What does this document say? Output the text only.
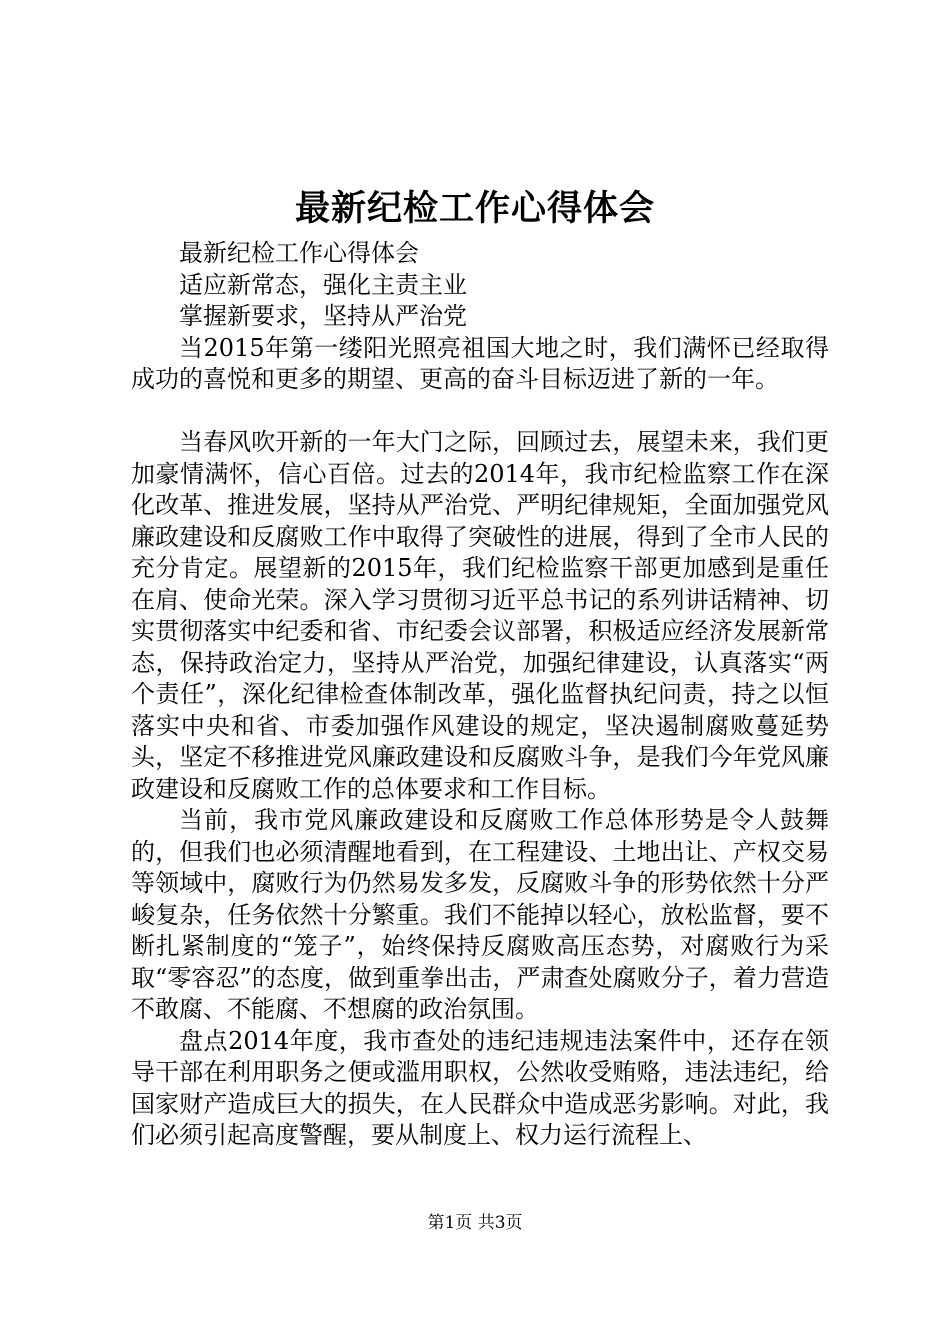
最新纪检工作心得体会

最新纪检工作心得体会

适应新常态，强化主责主业

掌握新要求，坚持从严治党

当2015年第一缕阳光照亮祖国大地之时，我们满怀已经取得成功的喜悦和更多的期望、更高的奋斗目标迈进了新的一年。

当春风吹开新的一年大门之际，回顾过去，展望未来，我们更加豪情满怀，信心百倍。过去的2014年，我市纪检监察工作在深化改革、推进发展，坚持从严治党、严明纪律规矩，全面加强党风廉政建设和反腐败工作中取得了突破性的进展，得到了全市人民的充分肯定。展望新的2015年，我们纪检监察干部更加感到是重任在肩、使命光荣。深入学习贯彻习近平总书记的系列讲话精神、切实贯彻落实中纪委和省、市纪委会议部署，积极适应经济发展新常态，保持政治定力，坚持从严治党，加强纪律建设，认真落实“两个责任”，深化纪律检查体制改革，强化监督执纪问责，持之以恒落实中央和省、市委加强作风建设的规定，坚决遏制腐败蔓延势头，坚定不移推进党风廉政建设和反腐败斗争，是我们今年党风廉政建设和反腐败工作的总体要求和工作目标。

当前，我市党风廉政建设和反腐败工作总体形势是令人鼓舞的，但我们也必须清醒地看到，在工程建设、土地出让、产权交易等领域中，腐败行为仍然易发多发，反腐败斗争的形势依然十分严峻复杂，任务依然十分繁重。我们不能掉以轻心，放松监督，要不断扎紧制度的“笼子”，始终保持反腐败高压态势，对腐败行为采取“零容忍”的态度，做到重拳出击，严肃查处腐败分子，着力营造不敢腐、不能腐、不想腐的政治氛围。

盘点2014年度，我市查处的违纪违规违法案件中，还存在领导干部在利用职务之便或滥用职权，公然收受贿赂，违法违纪，给国家财产造成巨大的损失，在人民群众中造成恶劣影响。对此，我们必须引起高度警醒，要从制度上、权力运行流程上、

第1页 共3页
